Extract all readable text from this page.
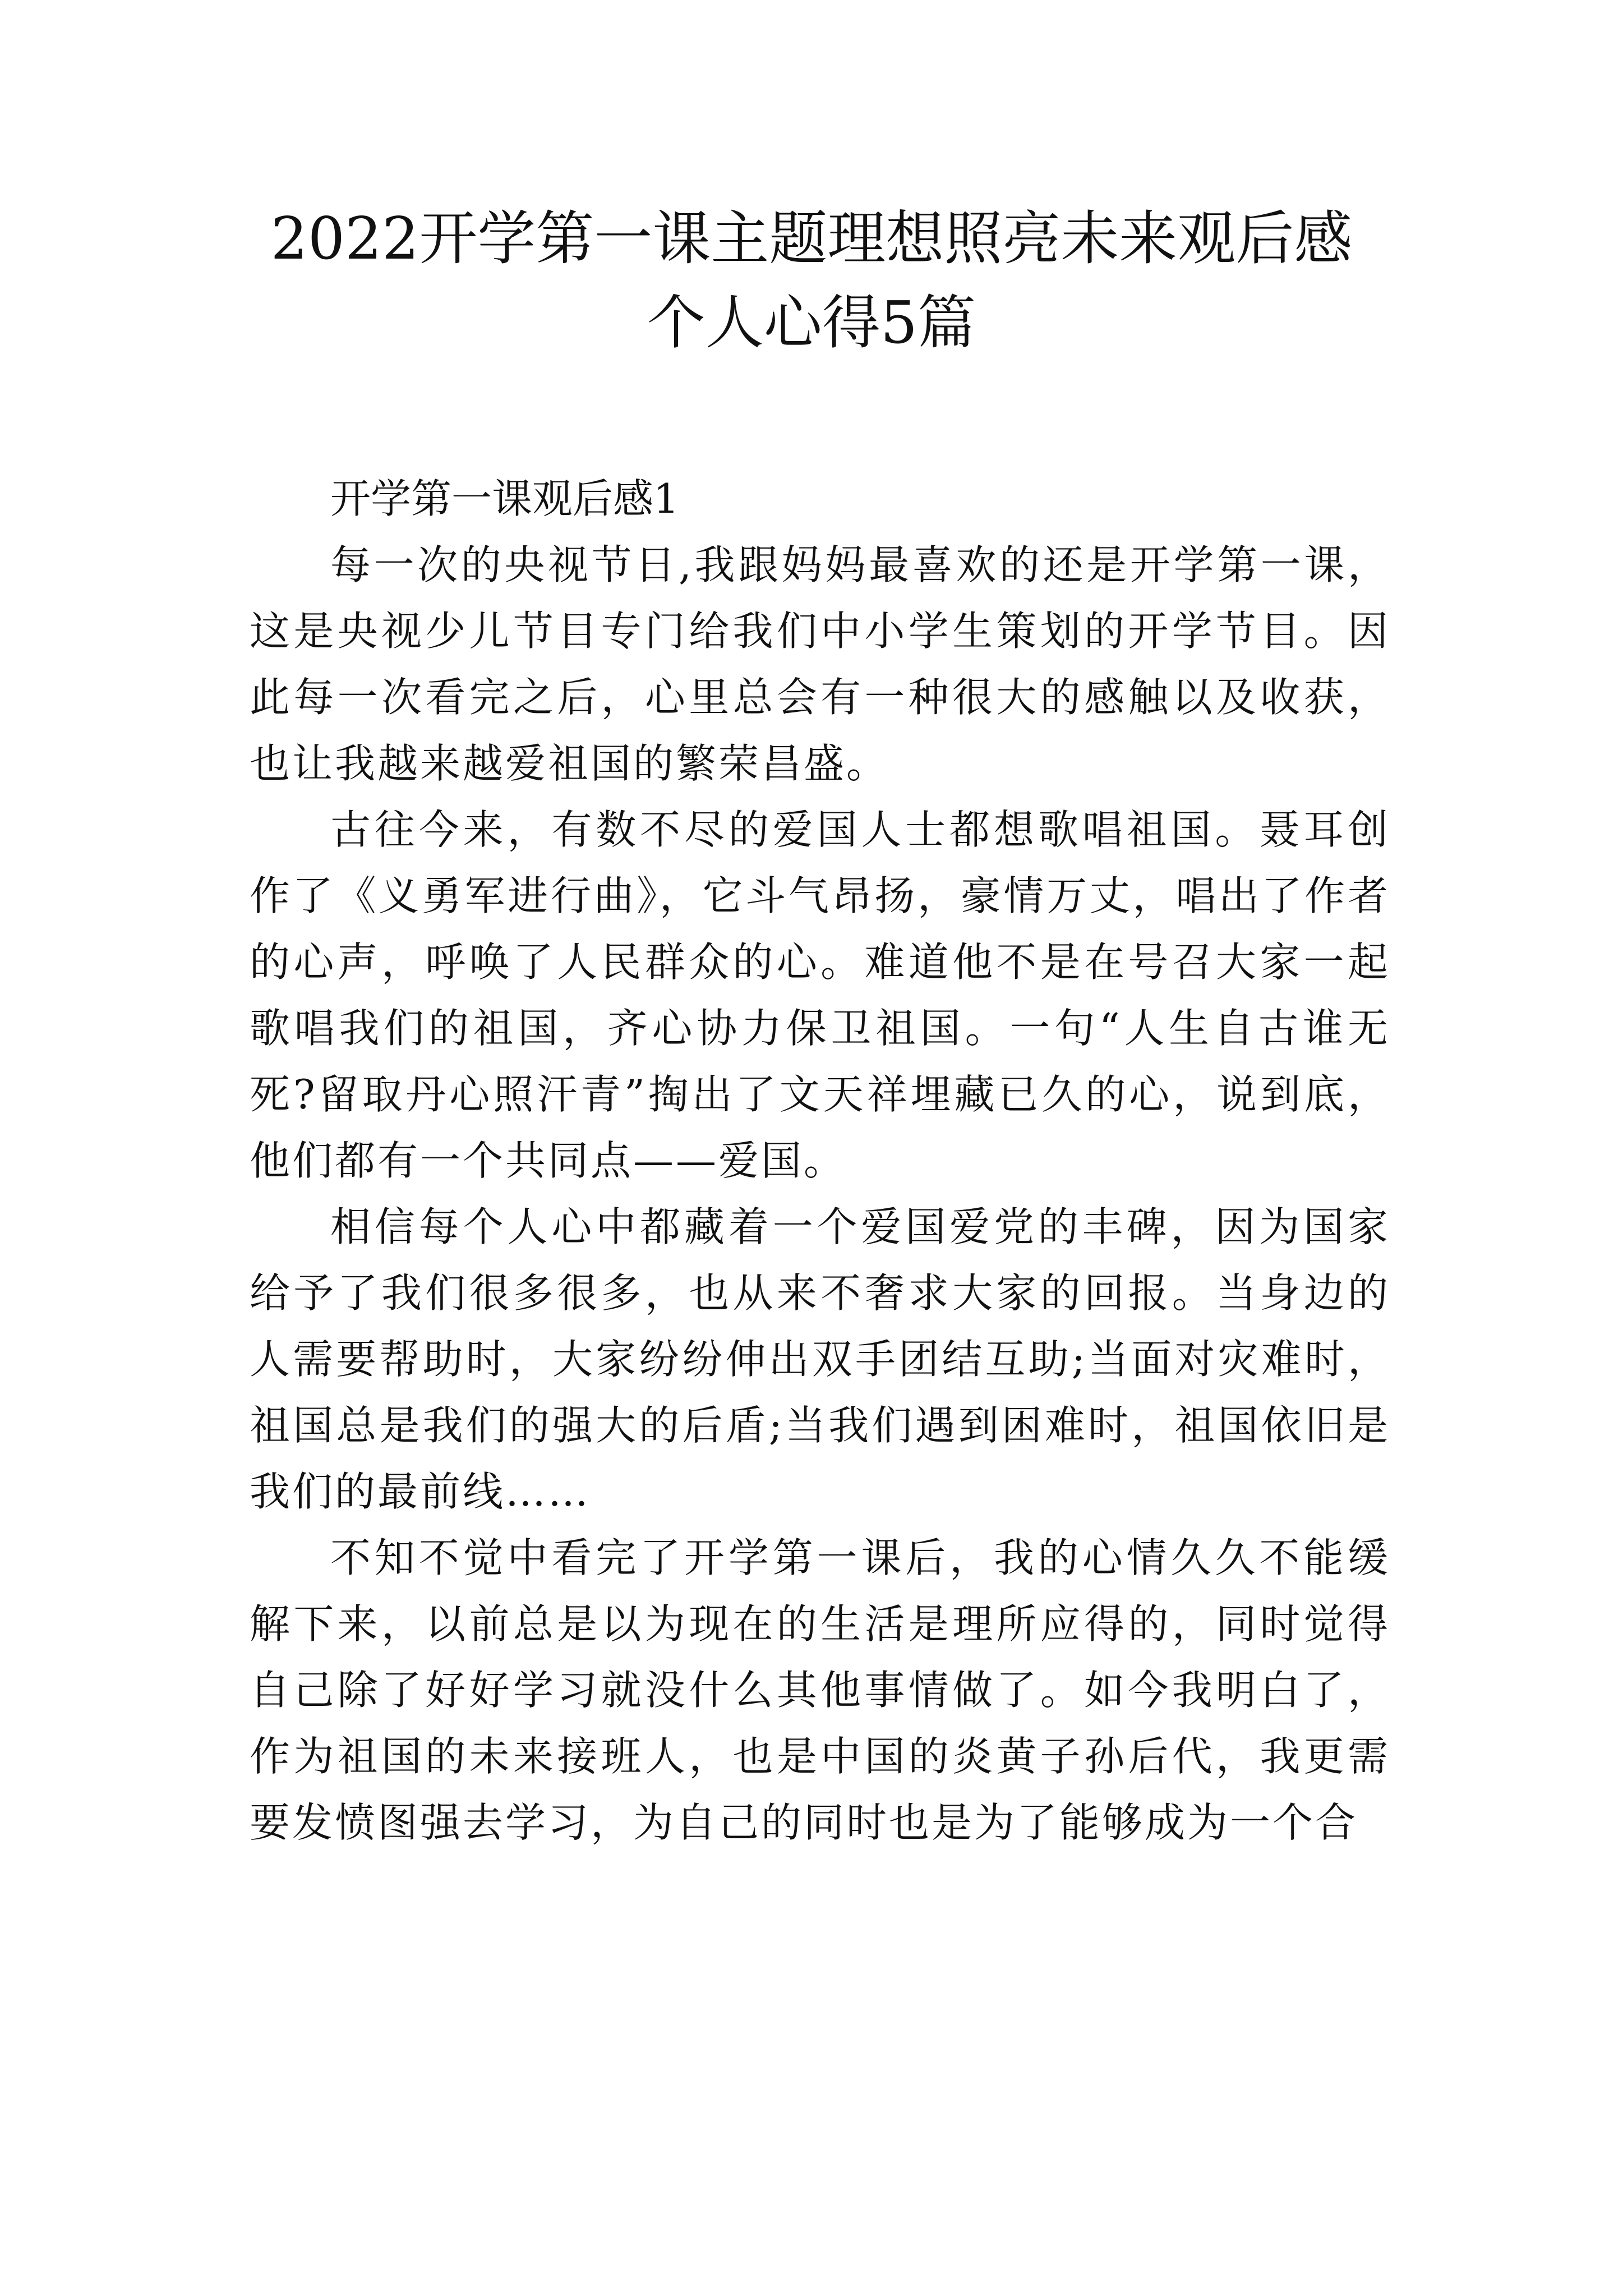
2022开学第一课主题理想照亮未来观后感
个人心得5篇

开学第一课观后感1

每一次的央视节日,我跟妈妈最喜欢的还是开学第一课，这是央视少儿节目专门给我们中小学生策划的开学节目。因此每一次看完之后，心里总会有一种很大的感触以及收获，也让我越来越爱祖国的繁荣昌盛。

古往今来，有数不尽的爱国人士都想歌唱祖国。聂耳创作了《义勇军进行曲》，它斗气昂扬，豪情万丈，唱出了作者的心声，呼唤了人民群众的心。难道他不是在号召大家一起歌唱我们的祖国，齐心协力保卫祖国。一句“人生自古谁无死?留取丹心照汗青”掏出了文天祥埋藏已久的心，说到底，他们都有一个共同点——爱国。

相信每个人心中都藏着一个爱国爱党的丰碑，因为国家给予了我们很多很多，也从来不奢求大家的回报。当身边的人需要帮助时，大家纷纷伸出双手团结互助;当面对灾难时，祖国总是我们的强大的后盾;当我们遇到困难时，祖国依旧是我们的最前线……

不知不觉中看完了开学第一课后，我的心情久久不能缓解下来，以前总是以为现在的生活是理所应得的，同时觉得自己除了好好学习就没什么其他事情做了。如今我明白了，作为祖国的未来接班人，也是中国的炎黄子孙后代，我更需要发愤图强去学习，为自己的同时也是为了能够成为一个合
